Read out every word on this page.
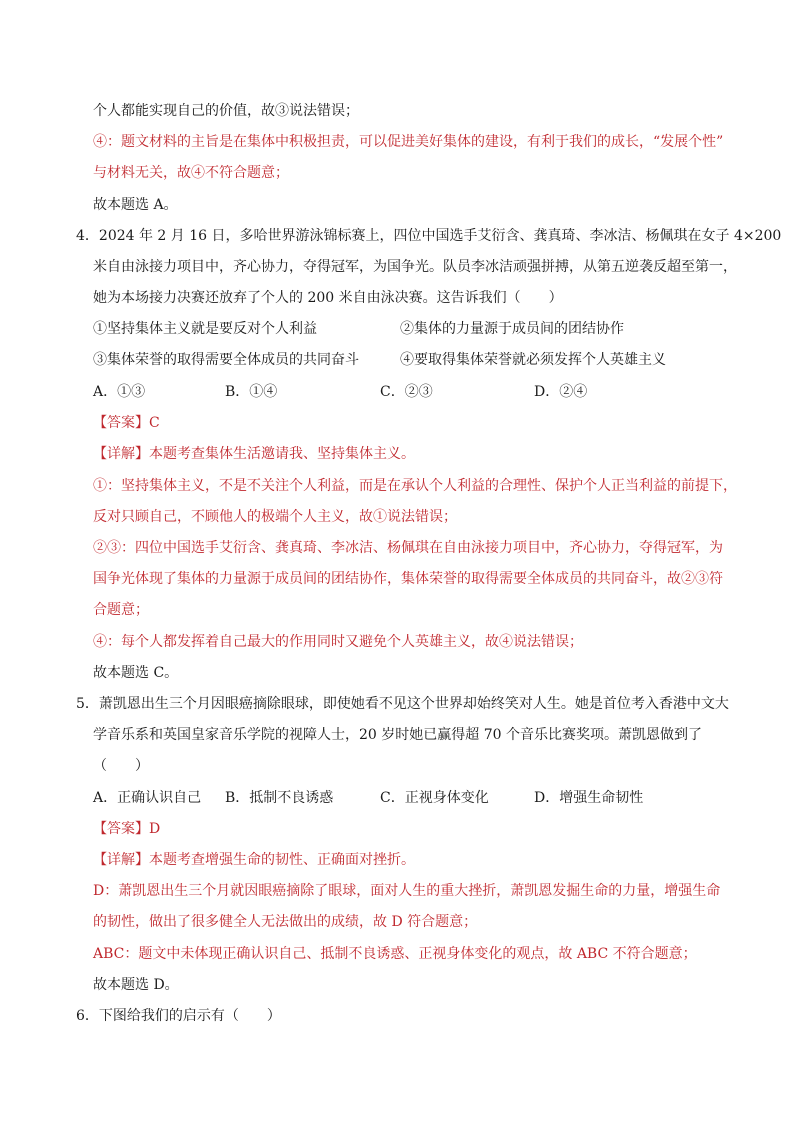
个人都能实现自己的价值，故③说法错误；
④：题文材料的主旨是在集体中积极担责，可以促进美好集体的建设，有利于我们的成长，“发展个性”
与材料无关，故④不符合题意；
故本题选 A。
4．2024 年 2 月 16 日，多哈世界游泳锦标赛上，四位中国选手艾衍含、龚真琦、李冰洁、杨佩琪在女子 4×200
米自由泳接力项目中，齐心协力，夺得冠军，为国争光。队员李冰洁顽强拼搏，从第五逆袭反超至第一，
她为本场接力决赛还放弃了个人的 200 米自由泳决赛。这告诉我们（　　）
①坚持集体主义就是要反对个人利益	②集体的力量源于成员间的团结协作
③集体荣誉的取得需要全体成员的共同奋斗	④要取得集体荣誉就必须发挥个人英雄主义
A．①③	B．①④	C．②③	D．②④
【答案】C
【详解】本题考查集体生活邀请我、坚持集体主义。
①：坚持集体主义，不是不关注个人利益，而是在承认个人利益的合理性、保护个人正当利益的前提下，
反对只顾自己，不顾他人的极端个人主义，故①说法错误；
②③：四位中国选手艾衍含、龚真琦、李冰洁、杨佩琪在自由泳接力项目中，齐心协力，夺得冠军，为
国争光体现了集体的力量源于成员间的团结协作，集体荣誉的取得需要全体成员的共同奋斗，故②③符
合题意；
④：每个人都发挥着自己最大的作用同时又避免个人英雄主义，故④说法错误；
故本题选 C。
5．萧凯恩出生三个月因眼癌摘除眼球，即使她看不见这个世界却始终笑对人生。她是首位考入香港中文大
学音乐系和英国皇家音乐学院的视障人士，20 岁时她已赢得超 70 个音乐比赛奖项。萧凯恩做到了
（　　）
A．正确认识自己 B．抵制不良诱惑	C．正视身体变化	D．增强生命韧性
【答案】D
【详解】本题考查增强生命的韧性、正确面对挫折。
D：萧凯恩出生三个月就因眼癌摘除了眼球，面对人生的重大挫折，萧凯恩发掘生命的力量，增强生命
的韧性，做出了很多健全人无法做出的成绩，故 D 符合题意；
ABC：题文中未体现正确认识自己、抵制不良诱惑、正视身体变化的观点，故 ABC 不符合题意；
故本题选 D。
6．下图给我们的启示有（　　）
